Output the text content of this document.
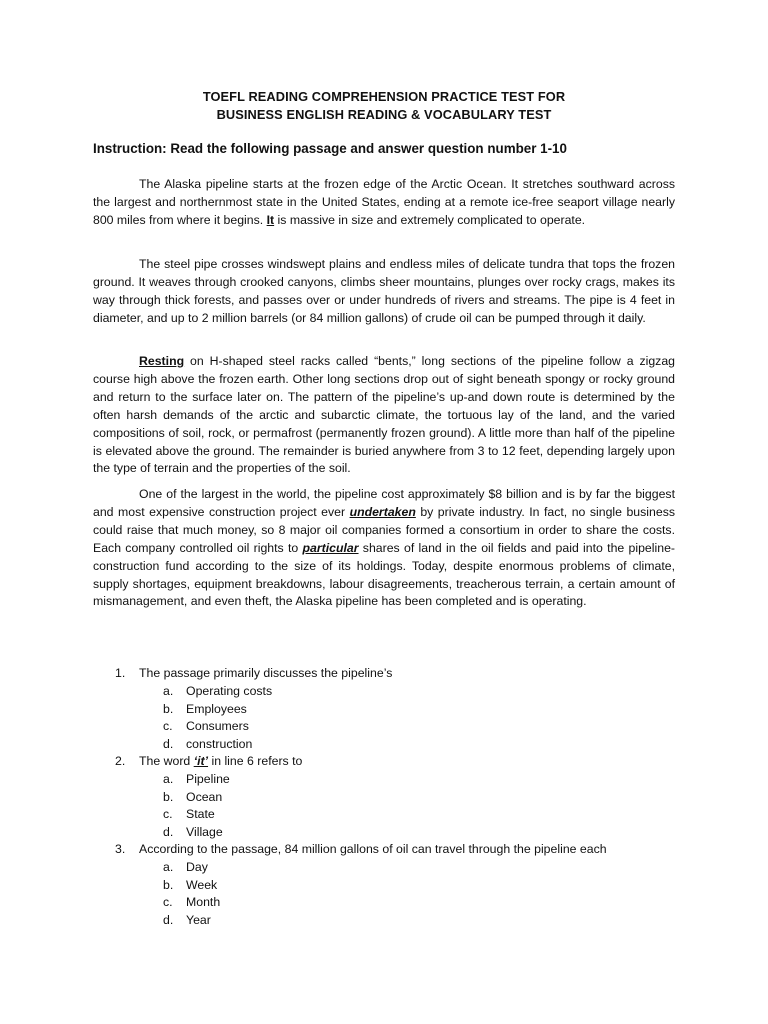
TOEFL READING COMPREHENSION PRACTICE TEST FOR
BUSINESS ENGLISH READING & VOCABULARY TEST
Instruction: Read the following passage and answer question number 1-10
The Alaska pipeline starts at the frozen edge of the Arctic Ocean. It stretches southward across the largest and northernmost state in the United States, ending at a remote ice-free seaport village nearly 800 miles from where it begins. It is massive in size and extremely complicated to operate.
The steel pipe crosses windswept plains and endless miles of delicate tundra that tops the frozen ground. It weaves through crooked canyons, climbs sheer mountains, plunges over rocky crags, makes its way through thick forests, and passes over or under hundreds of rivers and streams. The pipe is 4 feet in diameter, and up to 2 million barrels (or 84 million gallons) of crude oil can be pumped through it daily.
Resting on H-shaped steel racks called “bents,” long sections of the pipeline follow a zigzag course high above the frozen earth. Other long sections drop out of sight beneath spongy or rocky ground and return to the surface later on. The pattern of the pipeline’s up-and down route is determined by the often harsh demands of the arctic and subarctic climate, the tortuous lay of the land, and the varied compositions of soil, rock, or permafrost (permanently frozen ground). A little more than half of the pipeline is elevated above the ground. The remainder is buried anywhere from 3 to 12 feet, depending largely upon the type of terrain and the properties of the soil.
One of the largest in the world, the pipeline cost approximately $8 billion and is by far the biggest and most expensive construction project ever undertaken by private industry. In fact, no single business could raise that much money, so 8 major oil companies formed a consortium in order to share the costs. Each company controlled oil rights to particular shares of land in the oil fields and paid into the pipeline-construction fund according to the size of its holdings. Today, despite enormous problems of climate, supply shortages, equipment breakdowns, labour disagreements, treacherous terrain, a certain amount of mismanagement, and even theft, the Alaska pipeline has been completed and is operating.
1. The passage primarily discusses the pipeline’s
a. Operating costs
b. Employees
c. Consumers
d. construction
2. The word ‘it’ in line 6 refers to
a. Pipeline
b. Ocean
c. State
d. Village
3. According to the passage, 84 million gallons of oil can travel through the pipeline each
a. Day
b. Week
c. Month
d. Year
